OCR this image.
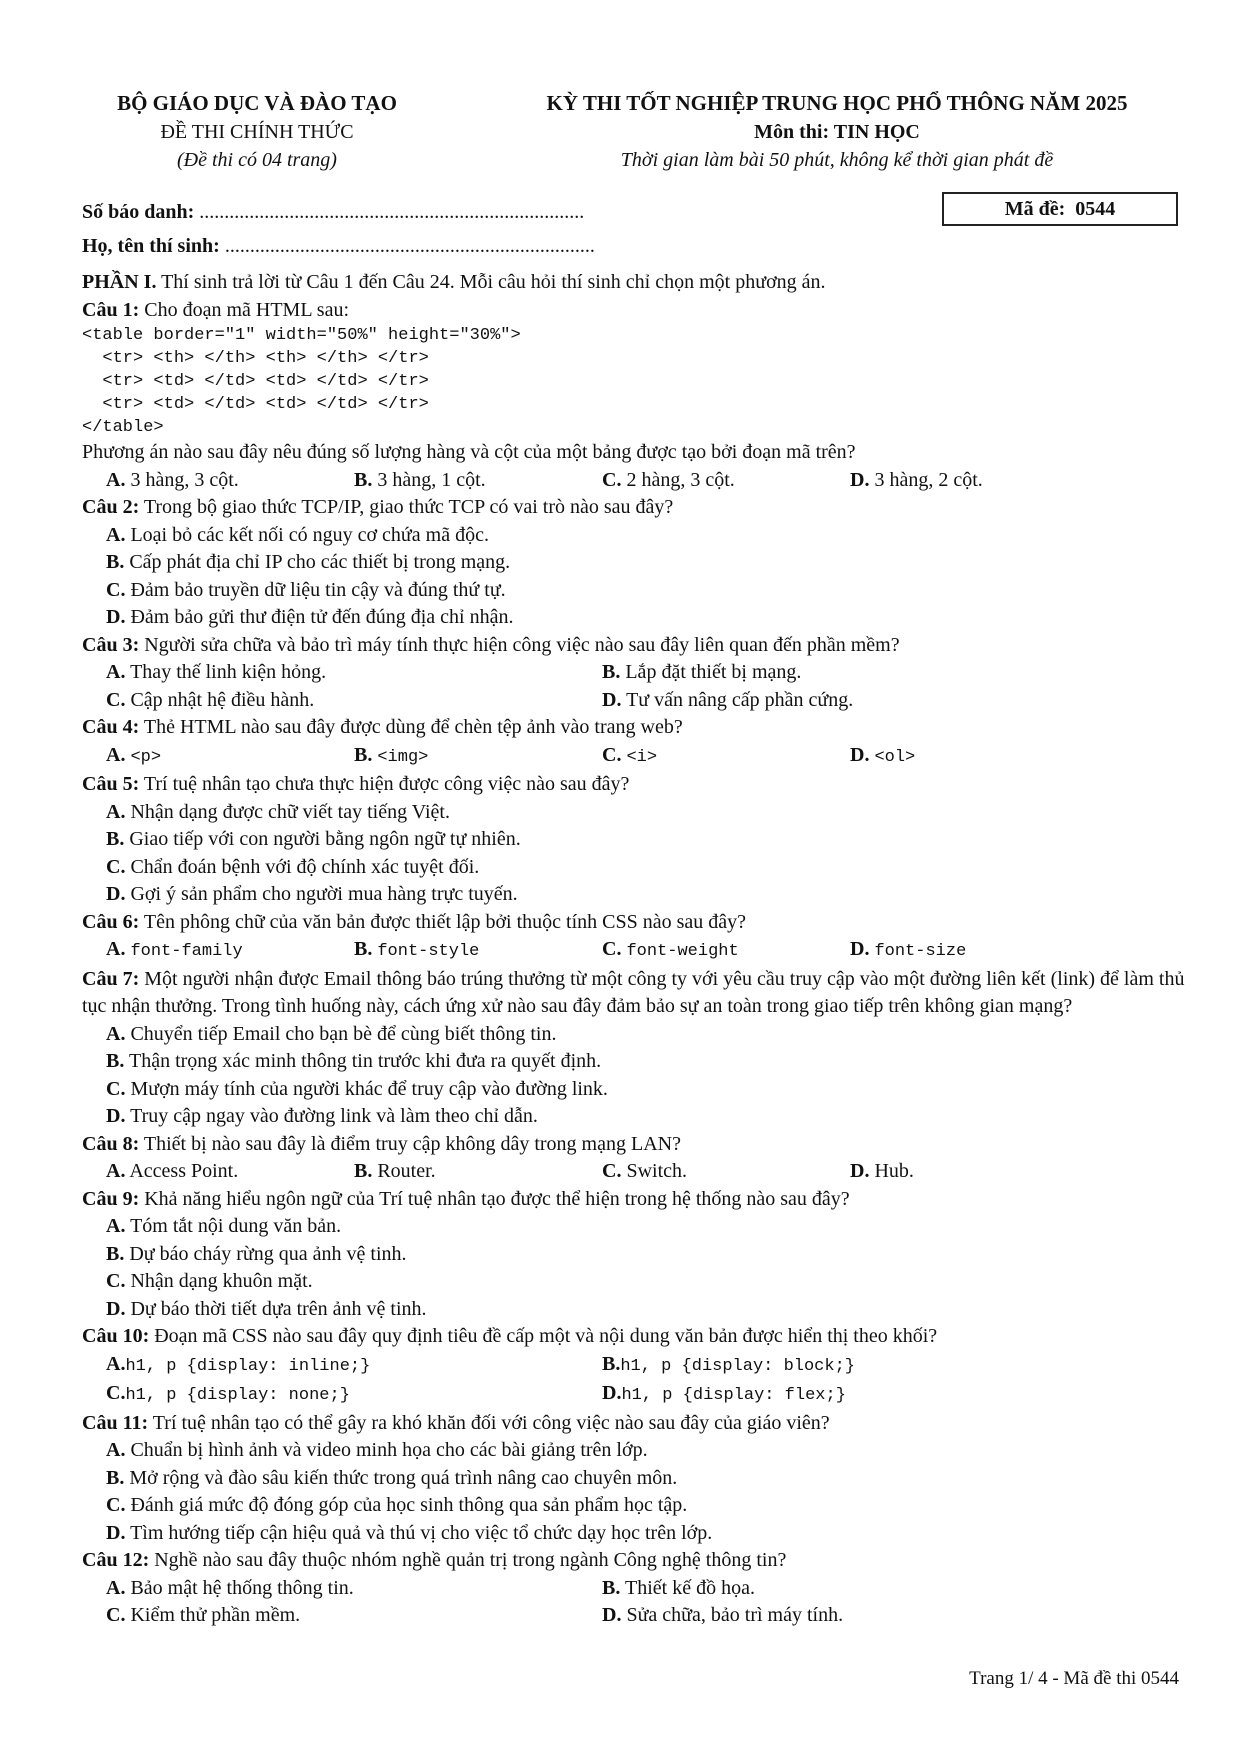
BỘ GIÁO DỤC VÀ ĐÀO TẠO
ĐỀ THI CHÍNH THỨC
(Đề thi có 04 trang)
KỲ THI TỐT NGHIỆP TRUNG HỌC PHỔ THÔNG NĂM 2025
Môn thi: TIN HỌC
Thời gian làm bài 50 phút, không kể thời gian phát đề
Số báo danh: .............................................................................
Họ, tên thí sinh: ..........................................................................
Mã đề: 0544
PHẦN I. Thí sinh trả lời từ Câu 1 đến Câu 24. Mỗi câu hỏi thí sinh chỉ chọn một phương án.
Câu 1: Cho đoạn mã HTML sau:
<table border="1" width="50%" height="30%">
<tr> <th> </th> <th> </th> </tr>
<tr> <td> </td> <td> </td> </tr>
<tr> <td> </td> <td> </td> </tr>
</table>
Phương án nào sau đây nêu đúng số lượng hàng và cột của một bảng được tạo bởi đoạn mã trên?
A. 3 hàng, 3 cột.	B. 3 hàng, 1 cột.	C. 2 hàng, 3 cột.	D. 3 hàng, 2 cột.
Câu 2: Trong bộ giao thức TCP/IP, giao thức TCP có vai trò nào sau đây?
A. Loại bỏ các kết nối có nguy cơ chứa mã độc.
B. Cấp phát địa chỉ IP cho các thiết bị trong mạng.
C. Đảm bảo truyền dữ liệu tin cậy và đúng thứ tự.
D. Đảm bảo gửi thư điện tử đến đúng địa chỉ nhận.
Câu 3: Người sửa chữa và bảo trì máy tính thực hiện công việc nào sau đây liên quan đến phần mềm?
A. Thay thế linh kiện hỏng.	B. Lắp đặt thiết bị mạng.
C. Cập nhật hệ điều hành.	D. Tư vấn nâng cấp phần cứng.
Câu 4: Thẻ HTML nào sau đây được dùng để chèn tệp ảnh vào trang web?
A. <p>	B. <img>	C. <i>	D. <ol>
Câu 5: Trí tuệ nhân tạo chưa thực hiện được công việc nào sau đây?
A. Nhận dạng được chữ viết tay tiếng Việt.
B. Giao tiếp với con người bằng ngôn ngữ tự nhiên.
C. Chẩn đoán bệnh với độ chính xác tuyệt đối.
D. Gợi ý sản phẩm cho người mua hàng trực tuyến.
Câu 6: Tên phông chữ của văn bản được thiết lập bởi thuộc tính CSS nào sau đây?
A. font-family	B. font-style	C. font-weight	D. font-size
Câu 7: Một người nhận được Email thông báo trúng thưởng từ một công ty với yêu cầu truy cập vào một đường liên kết (link) để làm thủ tục nhận thưởng. Trong tình huống này, cách ứng xử nào sau đây đảm bảo sự an toàn trong giao tiếp trên không gian mạng?
A. Chuyển tiếp Email cho bạn bè để cùng biết thông tin.
B. Thận trọng xác minh thông tin trước khi đưa ra quyết định.
C. Mượn máy tính của người khác để truy cập vào đường link.
D. Truy cập ngay vào đường link và làm theo chỉ dẫn.
Câu 8: Thiết bị nào sau đây là điểm truy cập không dây trong mạng LAN?
A. Access Point.	B. Router.	C. Switch.	D. Hub.
Câu 9: Khả năng hiểu ngôn ngữ của Trí tuệ nhân tạo được thể hiện trong hệ thống nào sau đây?
A. Tóm tắt nội dung văn bản.
B. Dự báo cháy rừng qua ảnh vệ tinh.
C. Nhận dạng khuôn mặt.
D. Dự báo thời tiết dựa trên ảnh vệ tinh.
Câu 10: Đoạn mã CSS nào sau đây quy định tiêu đề cấp một và nội dung văn bản được hiển thị theo khối?
A.h1, p {display: inline;}	B.h1, p {display: block;}
C.h1, p {display: none;}	D.h1, p {display: flex;}
Câu 11: Trí tuệ nhân tạo có thể gây ra khó khăn đối với công việc nào sau đây của giáo viên?
A. Chuẩn bị hình ảnh và video minh họa cho các bài giảng trên lớp.
B. Mở rộng và đào sâu kiến thức trong quá trình nâng cao chuyên môn.
C. Đánh giá mức độ đóng góp của học sinh thông qua sản phẩm học tập.
D. Tìm hướng tiếp cận hiệu quả và thú vị cho việc tổ chức dạy học trên lớp.
Câu 12: Nghề nào sau đây thuộc nhóm nghề quản trị trong ngành Công nghệ thông tin?
A. Bảo mật hệ thống thông tin.	B. Thiết kế đồ họa.
C. Kiểm thử phần mềm.	D. Sửa chữa, bảo trì máy tính.
Trang 1/ 4 - Mã đề thi 0544
